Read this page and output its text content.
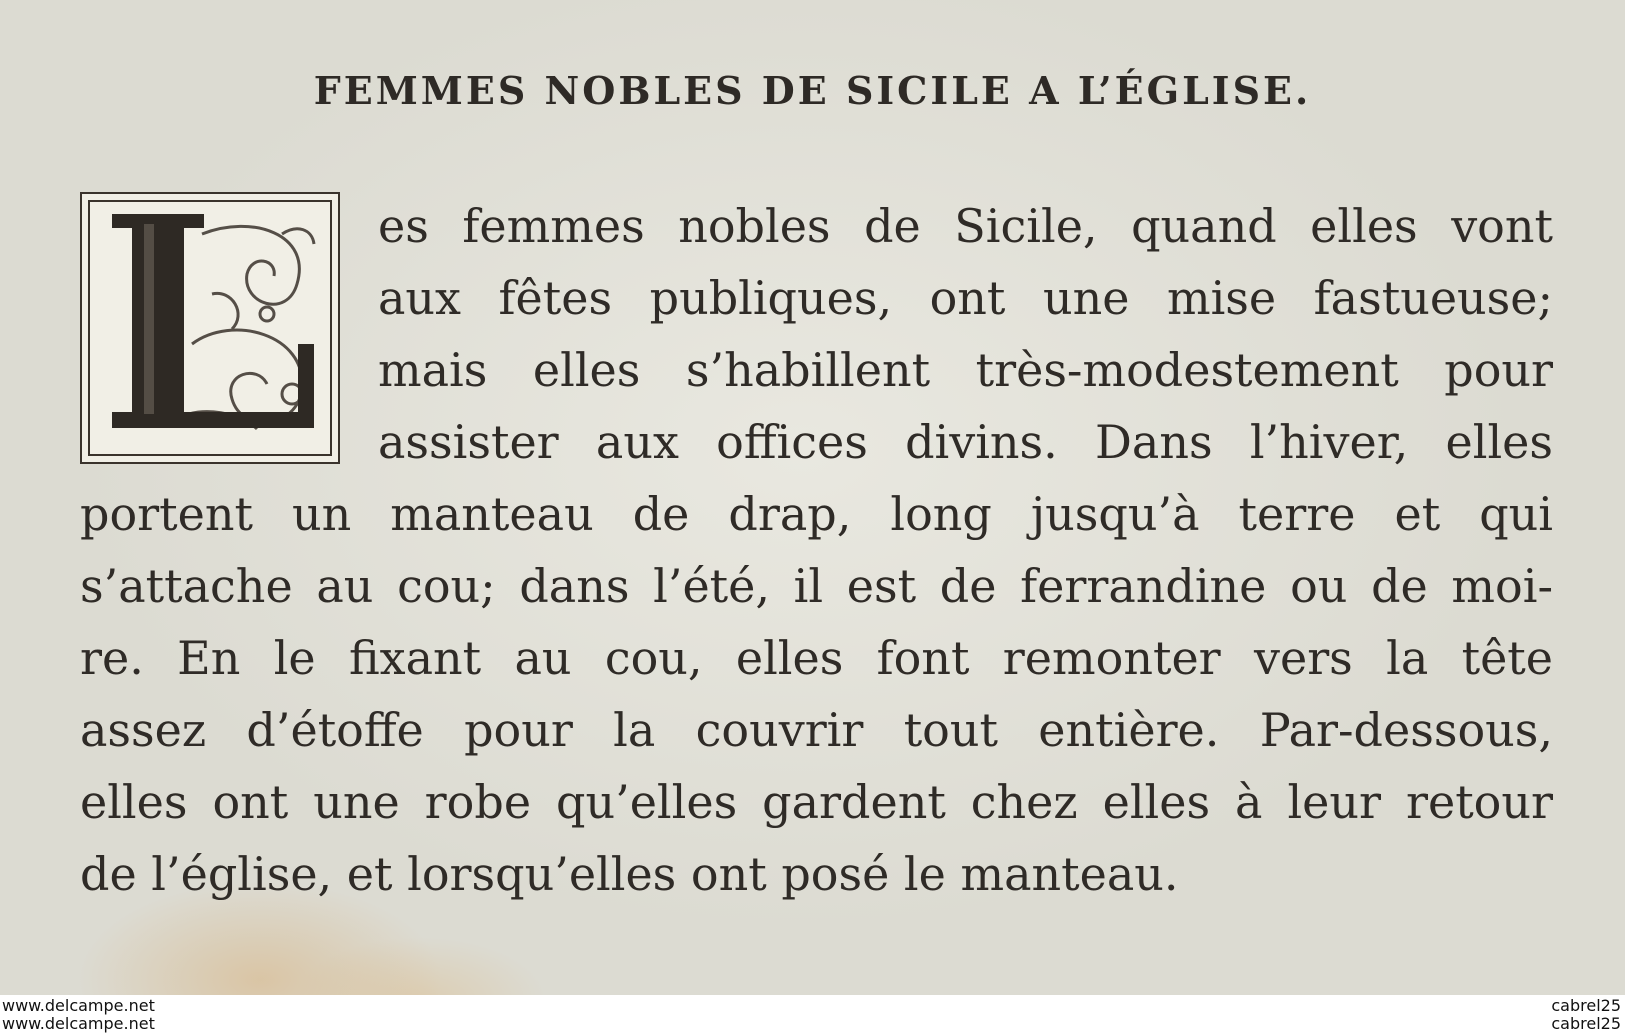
FEMMES NOBLES DE SICILE A L’ÉGLISE.
es femmes nobles de Sicile, quand elles vont
aux fêtes publiques, ont une mise fastueuse;
mais elles s’habillent très-modestement pour
assister aux offices divins. Dans l’hiver, elles
portent un manteau de drap, long jusqu’à terre et qui
s’attache au cou; dans l’été, il est de ferrandine ou de moi-
re. En le fixant au cou, elles font remonter vers la tête
assez d’étoffe pour la couvrir tout entière. Par-dessous,
elles ont une robe qu’elles gardent chez elles à leur retour
de l’église, et lorsqu’elles ont posé le manteau.
www.delcampe.net
www.delcampe.net
cabrel25
cabrel25
